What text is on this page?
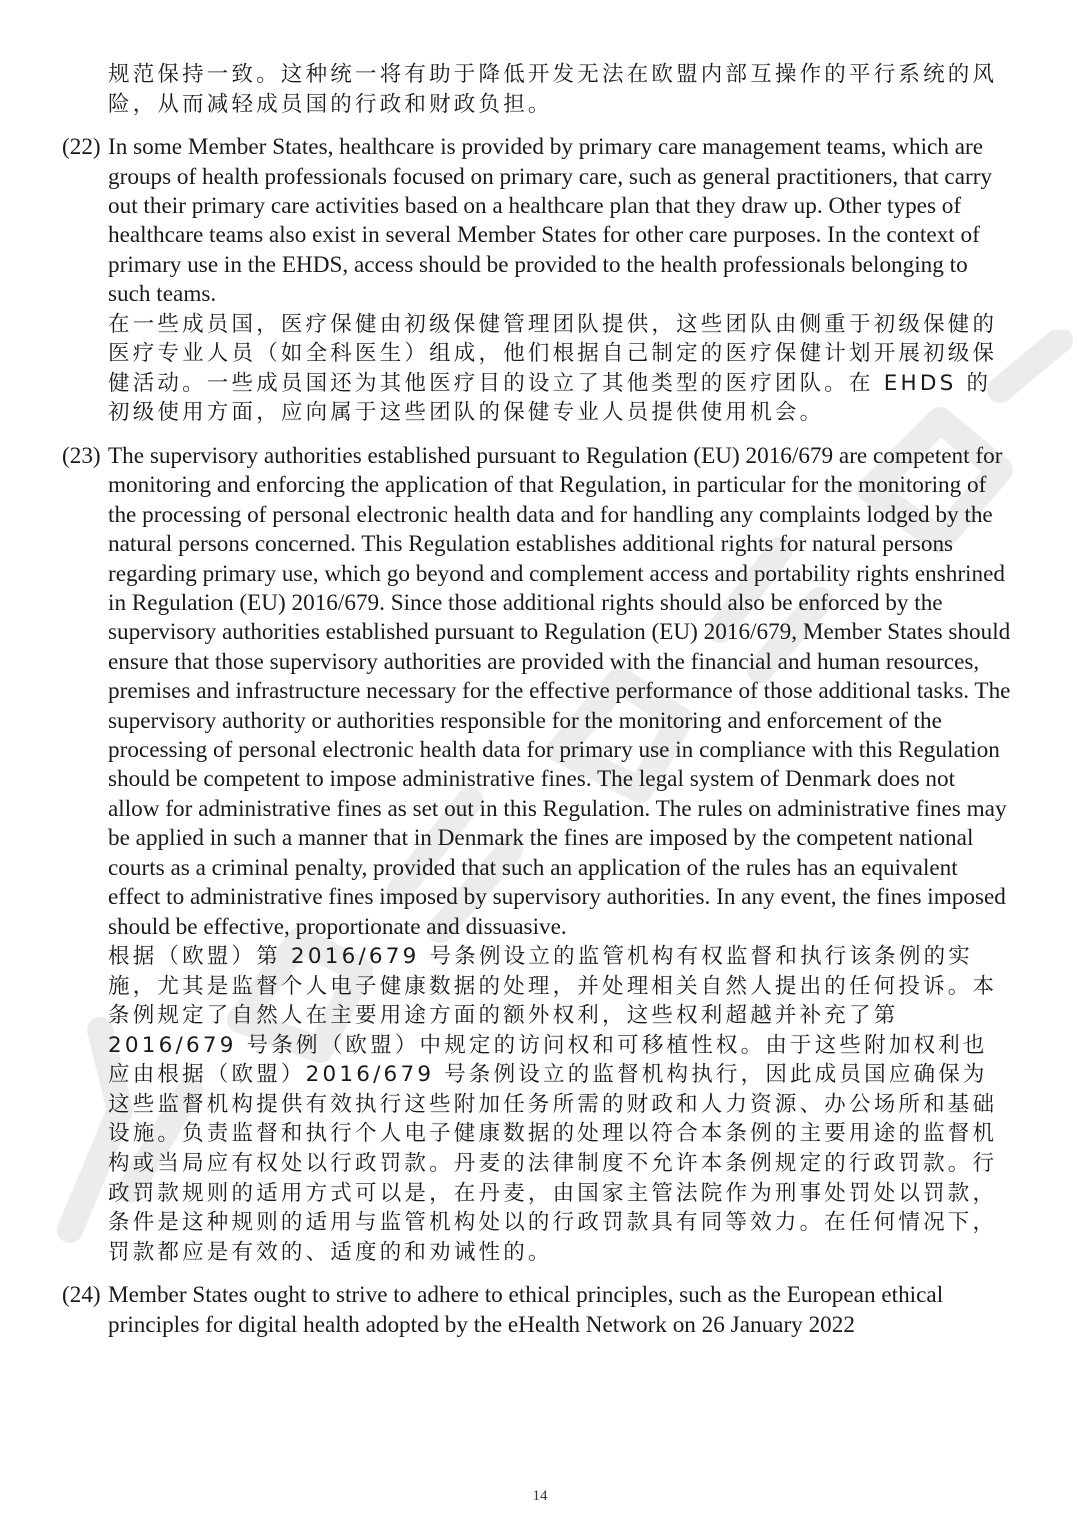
规范保持一致。这种统一将有助于降低开发无法在欧盟内部互操作的平行系统的风险，从而减轻成员国的行政和财政负担。

(22) In some Member States, healthcare is provided by primary care management teams, which are groups of health professionals focused on primary care, such as general practitioners, that carry out their primary care activities based on a healthcare plan that they draw up. Other types of healthcare teams also exist in several Member States for other care purposes. In the context of primary use in the EHDS, access should be provided to the health professionals belonging to such teams.

在一些成员国，医疗保健由初级保健管理团队提供，这些团队由侧重于初级保健的医疗专业人员（如全科医生）组成，他们根据自己制定的医疗保健计划开展初级保健活动。一些成员国还为其他医疗目的设立了其他类型的医疗团队。在 EHDS 的初级使用方面，应向属于这些团队的保健专业人员提供使用机会。

(23) The supervisory authorities established pursuant to Regulation (EU) 2016/679 are competent for monitoring and enforcing the application of that Regulation, in particular for the monitoring of the processing of personal electronic health data and for handling any complaints lodged by the natural persons concerned. This Regulation establishes additional rights for natural persons regarding primary use, which go beyond and complement access and portability rights enshrined in Regulation (EU) 2016/679. Since those additional rights should also be enforced by the supervisory authorities established pursuant to Regulation (EU) 2016/679, Member States should ensure that those supervisory authorities are provided with the financial and human resources, premises and infrastructure necessary for the effective performance of those additional tasks. The supervisory authority or authorities responsible for the monitoring and enforcement of the processing of personal electronic health data for primary use in compliance with this Regulation should be competent to impose administrative fines. The legal system of Denmark does not allow for administrative fines as set out in this Regulation. The rules on administrative fines may be applied in such a manner that in Denmark the fines are imposed by the competent national courts as a criminal penalty, provided that such an application of the rules has an equivalent effect to administrative fines imposed by supervisory authorities. In any event, the fines imposed should be effective, proportionate and dissuasive.

根据（欧盟）第 2016/679 号条例设立的监管机构有权监督和执行该条例的实施，尤其是监督个人电子健康数据的处理，并处理相关自然人提出的任何投诉。本条例规定了自然人在主要用途方面的额外权利，这些权利超越并补充了第 2016/679 号条例（欧盟）中规定的访问权和可移植性权。由于这些附加权利也应由根据（欧盟）2016/679 号条例设立的监督机构执行，因此成员国应确保为这些监督机构提供有效执行这些附加任务所需的财政和人力资源、办公场所和基础设施。负责监督和执行个人电子健康数据的处理以符合本条例的主要用途的监督机构或当局应有权处以行政罚款。丹麦的法律制度不允许本条例规定的行政罚款。行政罚款规则的适用方式可以是，在丹麦，由国家主管法院作为刑事处罚处以罚款，条件是这种规则的适用与监管机构处以的行政罚款具有同等效力。在任何情况下，罚款都应是有效的、适度的和劝诫性的。

(24) Member States ought to strive to adhere to ethical principles, such as the European ethical principles for digital health adopted by the eHealth Network on 26 January 2022

14
